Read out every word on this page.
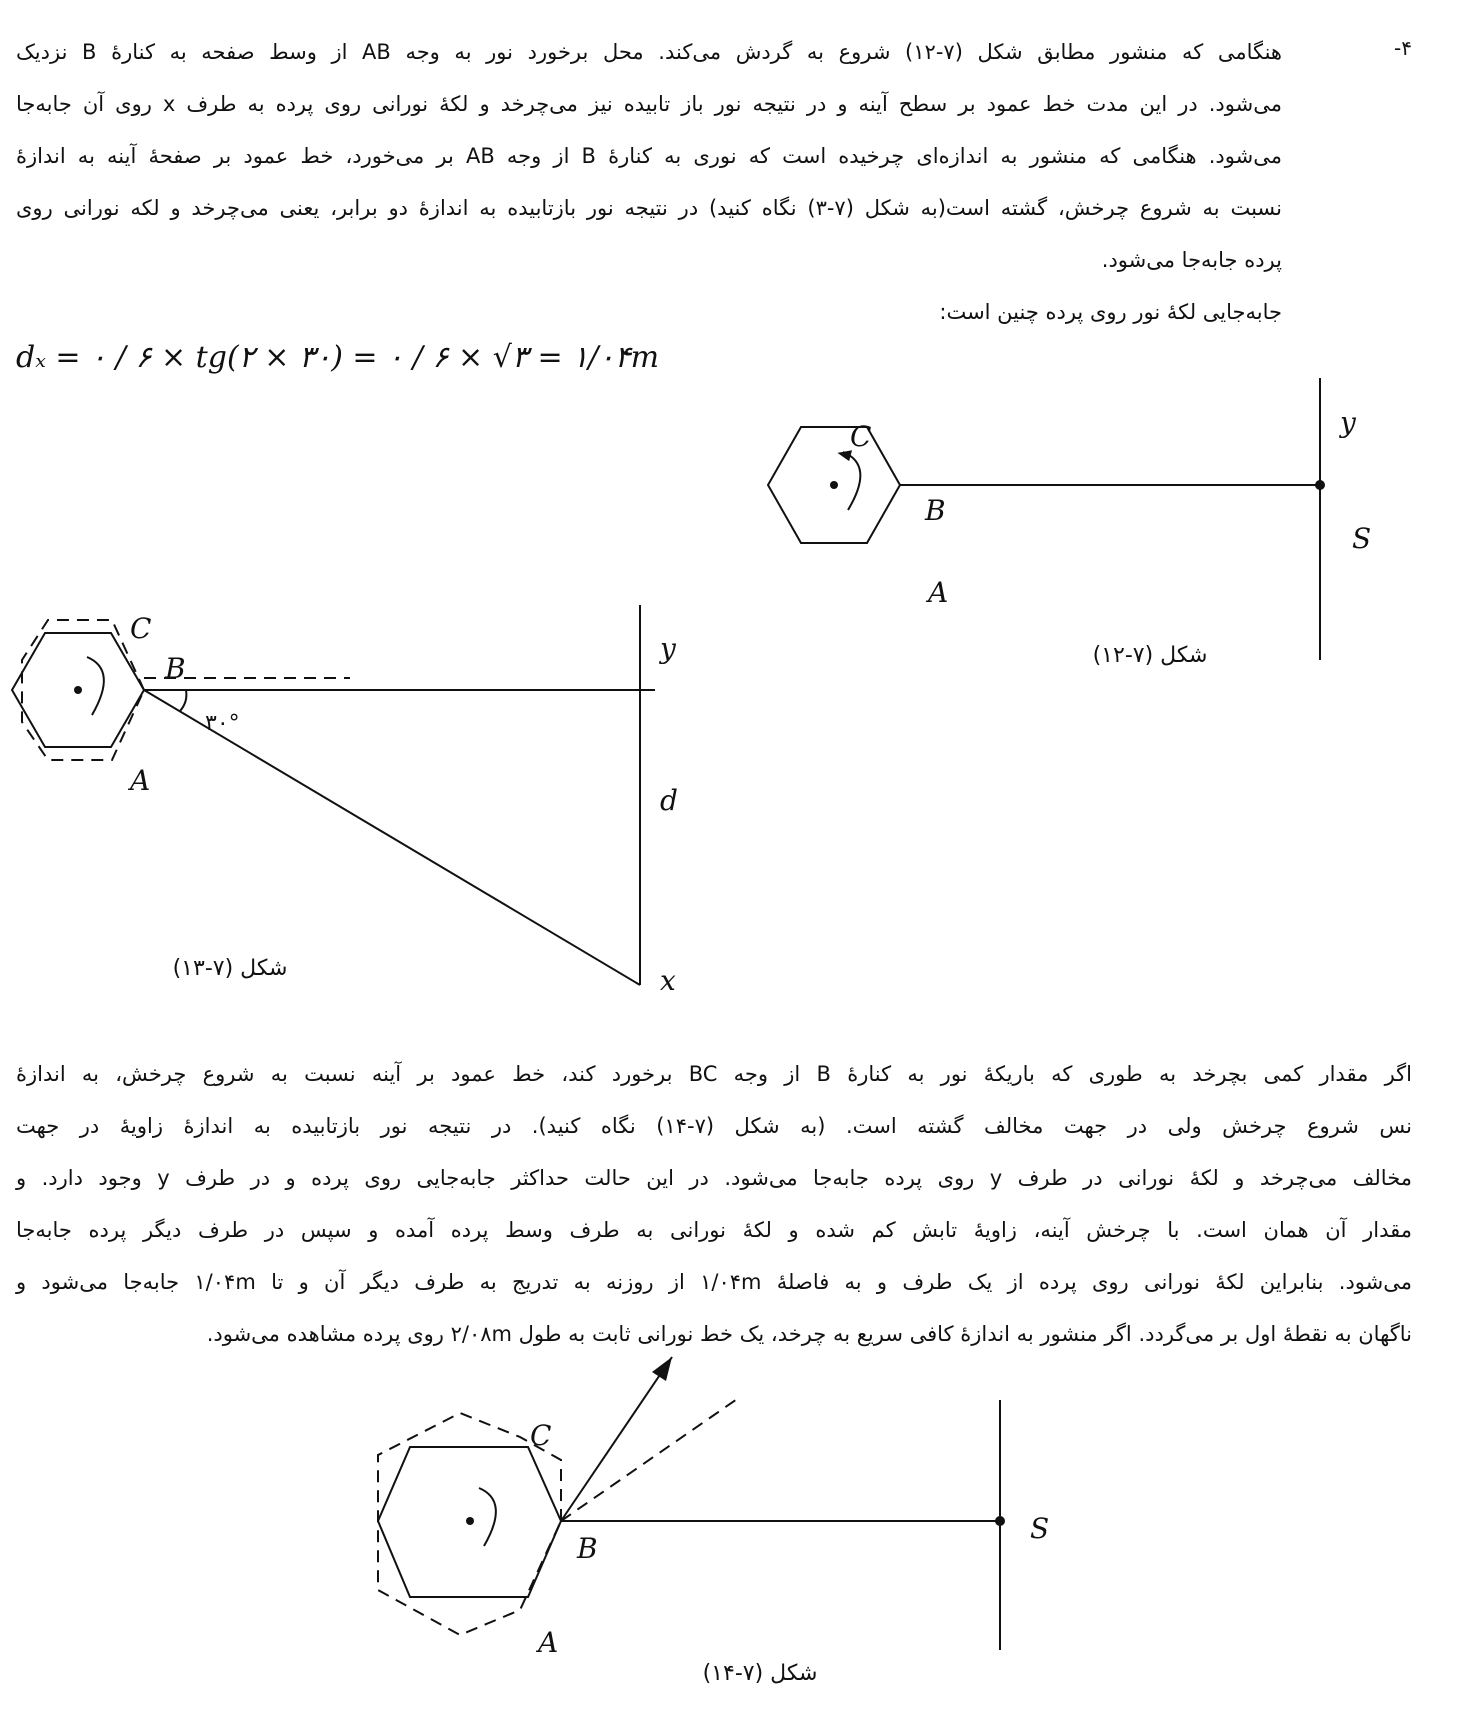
۴-
هنگامی که منشور مطابق شکل (۷-۱۲) شروع به گردش می‌کند. محل برخورد نور به وجه AB از وسط صفحه به کنارهٔ B نزدیک
می‌شود. در این مدت خط عمود بر سطح آینه و در نتیجه نور باز تابیده نیز می‌چرخد و لکهٔ نورانی روی پرده به طرف x روی آن جابه‌جا
می‌شود. هنگامی که منشور به اندازه‌ای چرخیده است که نوری به کنارهٔ B از وجه AB بر می‌خورد، خط عمود بر صفحهٔ آینه به اندازهٔ
نسبت به شروع چرخش، گشته است(به شکل (۷-۳) نگاه کنید) در نتیجه نور بازتابیده به اندازهٔ دو برابر، یعنی می‌چرخد و لکه نورانی روی
پرده جابه‌جا می‌شود.
جابه‌جایی لکهٔ نور روی پرده چنین است:
dₓ = ۰ / ۶ × tg(۲ × ۳۰) = ۰ / ۶ × √۳ = ۱/۰۴m
C
B
A
y
S
شکل (۷-۱۲)
C
B
A
۳۰°
y
d
x
شکل (۷-۱۳)
اگر مقدار کمی بچرخد به طوری که باریکهٔ نور به کنارهٔ B از وجه BC برخورد کند، خط عمود بر آینه نسبت به شروع چرخش، به اندازهٔ
نس شروع چرخش ولی در جهت مخالف گشته است. (به شکل (۷-۱۴) نگاه کنید). در نتیجه نور بازتابیده به اندازهٔ زاویهٔ در جهت
مخالف می‌چرخد و لکهٔ نورانی در طرف y روی پرده جابه‌جا می‌شود. در این حالت حداکثر جابه‌جایی روی پرده و در طرف y وجود دارد. و
مقدار آن همان است. با چرخش آینه، زاویهٔ تابش کم شده و لکهٔ نورانی به طرف وسط پرده آمده و سپس در طرف دیگر پرده جابه‌جا
می‌شود. بنابراین لکهٔ نورانی روی پرده از یک طرف و به فاصلهٔ ۱/۰۴m از روزنه به تدریج به طرف دیگر آن و تا ۱/۰۴m جابه‌جا می‌شود و
ناگهان به نقطهٔ اول بر می‌گردد. اگر منشور به اندازهٔ کافی سریع به چرخد، یک خط نورانی ثابت به طول ۲/۰۸m روی پرده مشاهده می‌شود.
C
B
A
S
شکل (۷-۱۴)
